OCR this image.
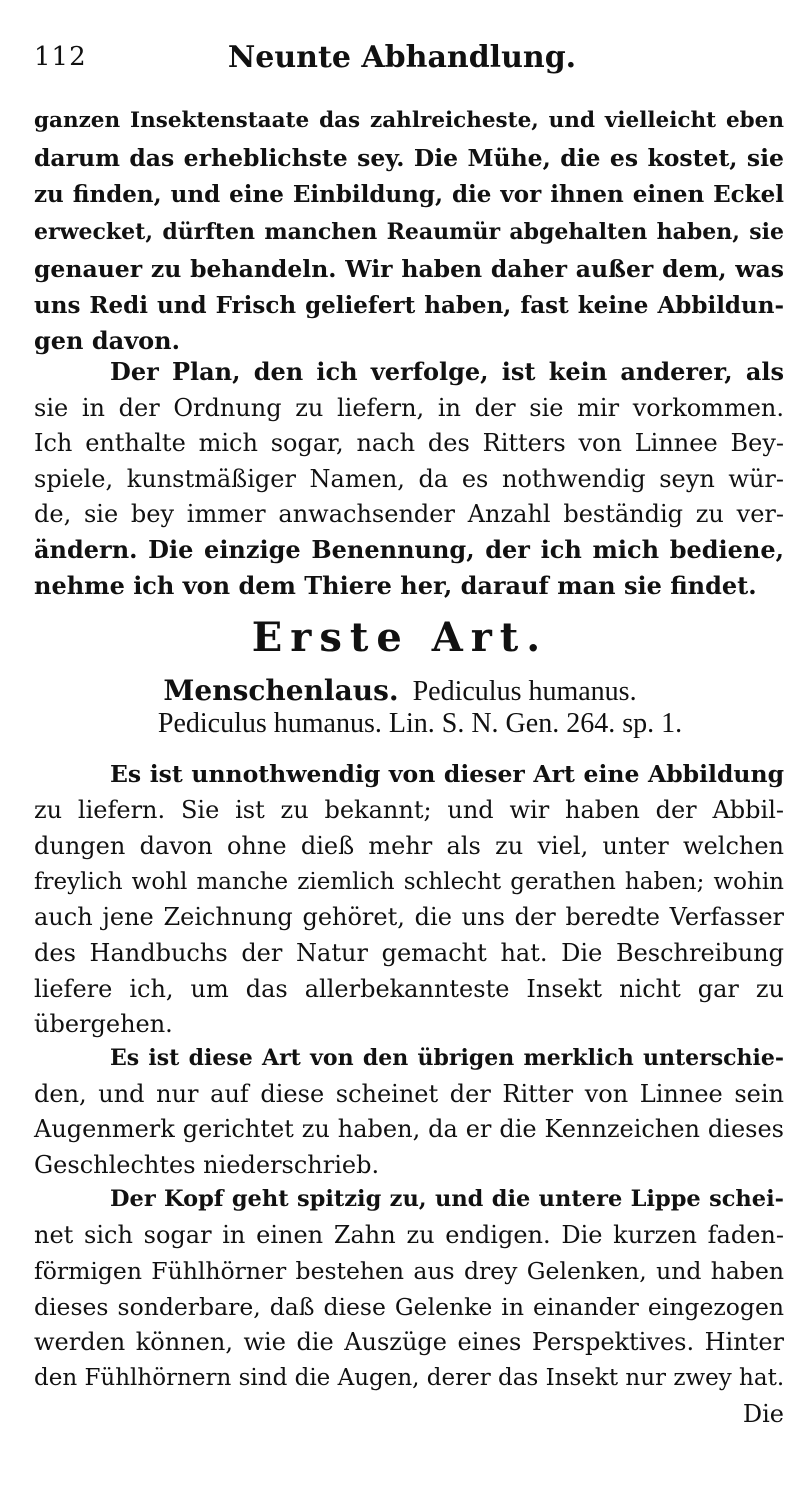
112	Neunte Abhandlung.
ganzen Insektenstaate das zahlreicheste, und vielleicht eben
darum das erheblichste sey. Die Mühe, die es kostet, sie
zu finden, und eine Einbildung, die vor ihnen einen Eckel
erwecket, dürften manchen Reaumür abgehalten haben, sie
genauer zu behandeln. Wir haben daher außer dem, was
uns Redi und Frisch geliefert haben, fast keine Abbildun-
gen davon.
Der Plan, den ich verfolge, ist kein anderer, als
sie in der Ordnung zu liefern, in der sie mir vorkommen.
Ich enthalte mich sogar, nach des Ritters von Linnee Bey-
spiele, kunstmäßiger Namen, da es nothwendig seyn wür-
de, sie bey immer anwachsender Anzahl beständig zu ver-
ändern. Die einzige Benennung, der ich mich bediene,
nehme ich von dem Thiere her, darauf man sie findet.
Erste Art.
Menschenlaus. Pediculus humanus.
Pediculus humanus. Lin. S. N. Gen. 264. sp. 1.
Es ist unnothwendig von dieser Art eine Abbildung
zu liefern. Sie ist zu bekannt; und wir haben der Abbil-
dungen davon ohne dieß mehr als zu viel, unter welchen
freylich wohl manche ziemlich schlecht gerathen haben; wohin
auch jene Zeichnung gehöret, die uns der beredte Verfasser
des Handbuchs der Natur gemacht hat. Die Beschreibung
liefere ich, um das allerbekannteste Insekt nicht gar zu
übergehen.
Es ist diese Art von den übrigen merklich unterschie-
den, und nur auf diese scheinet der Ritter von Linnee sein
Augenmerk gerichtet zu haben, da er die Kennzeichen dieses
Geschlechtes niederschrieb.
Der Kopf geht spitzig zu, und die untere Lippe schei-
net sich sogar in einen Zahn zu endigen. Die kurzen faden-
förmigen Fühlhörner bestehen aus drey Gelenken, und haben
dieses sonderbare, daß diese Gelenke in einander eingezogen
werden können, wie die Auszüge eines Perspektives. Hinter
den Fühlhörnern sind die Augen, derer das Insekt nur zwey hat.
Die
